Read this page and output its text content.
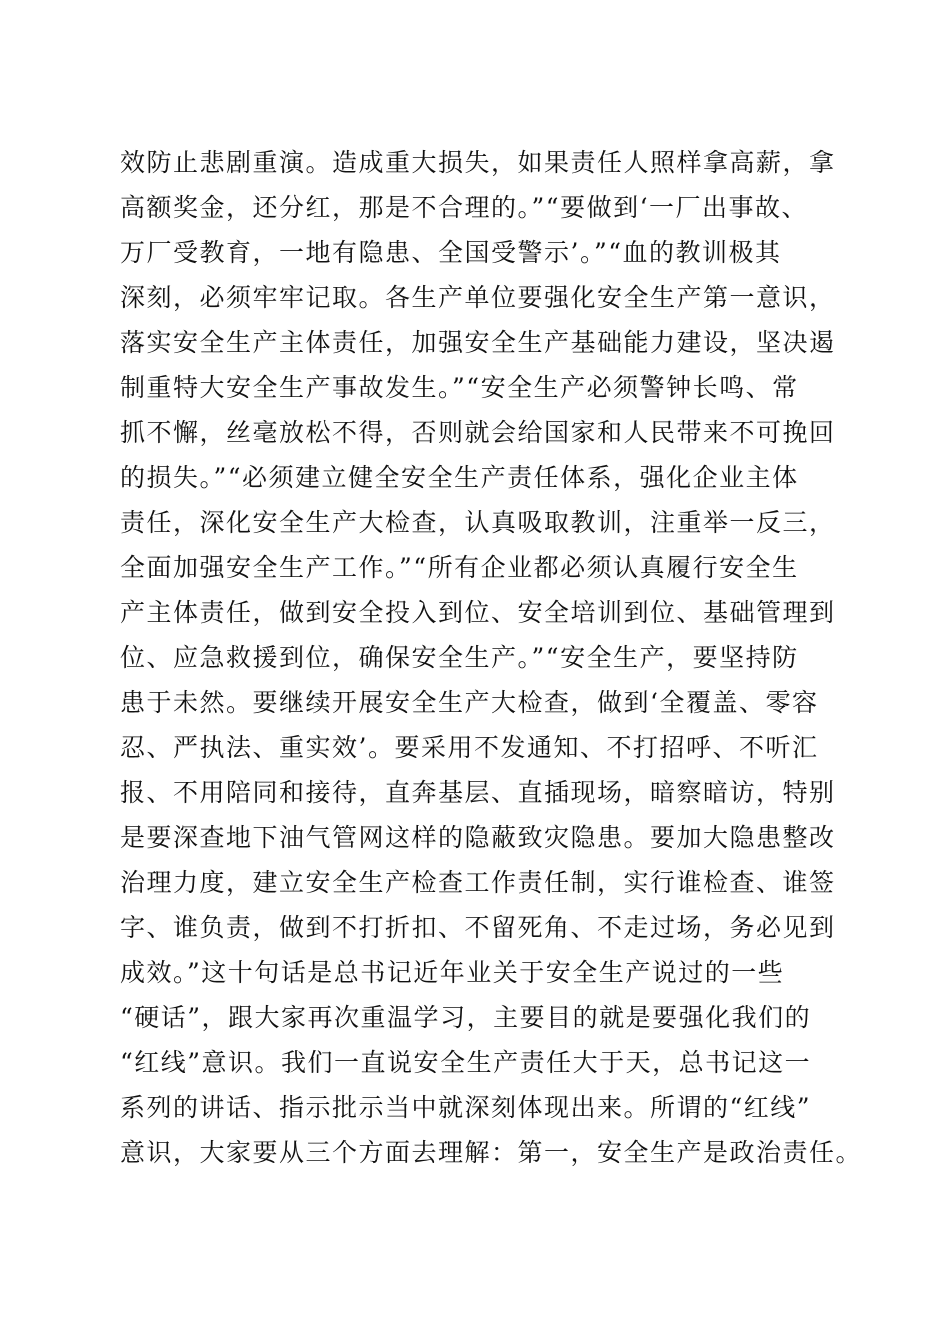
效防止悲剧重演。造成重大损失，如果责任人照样拿高薪，拿
高额奖金，还分红，那是不合理的。”“要做到‘一厂出事故、
万厂受教育，一地有隐患、全国受警示’。”“血的教训极其
深刻，必须牢牢记取。各生产单位要强化安全生产第一意识，
落实安全生产主体责任，加强安全生产基础能力建设，坚决遏
制重特大安全生产事故发生。”“安全生产必须警钟长鸣、常
抓不懈，丝毫放松不得，否则就会给国家和人民带来不可挽回
的损失。”“必须建立健全安全生产责任体系，强化企业主体
责任，深化安全生产大检查，认真吸取教训，注重举一反三，
全面加强安全生产工作。”“所有企业都必须认真履行安全生
产主体责任，做到安全投入到位、安全培训到位、基础管理到
位、应急救援到位，确保安全生产。”“安全生产，要坚持防
患于未然。要继续开展安全生产大检查，做到‘全覆盖、零容
忍、严执法、重实效’。要采用不发通知、不打招呼、不听汇
报、不用陪同和接待，直奔基层、直插现场，暗察暗访，特别
是要深查地下油气管网这样的隐蔽致灾隐患。要加大隐患整改
治理力度，建立安全生产检查工作责任制，实行谁检查、谁签
字、谁负责，做到不打折扣、不留死角、不走过场，务必见到
成效。”这十句话是总书记近年业关于安全生产说过的一些
“硬话”，跟大家再次重温学习，主要目的就是要强化我们的
“红线”意识。我们一直说安全生产责任大于天，总书记这一
系列的讲话、指示批示当中就深刻体现出来。所谓的“红线”
意识，大家要从三个方面去理解：第一，安全生产是政治责任。
